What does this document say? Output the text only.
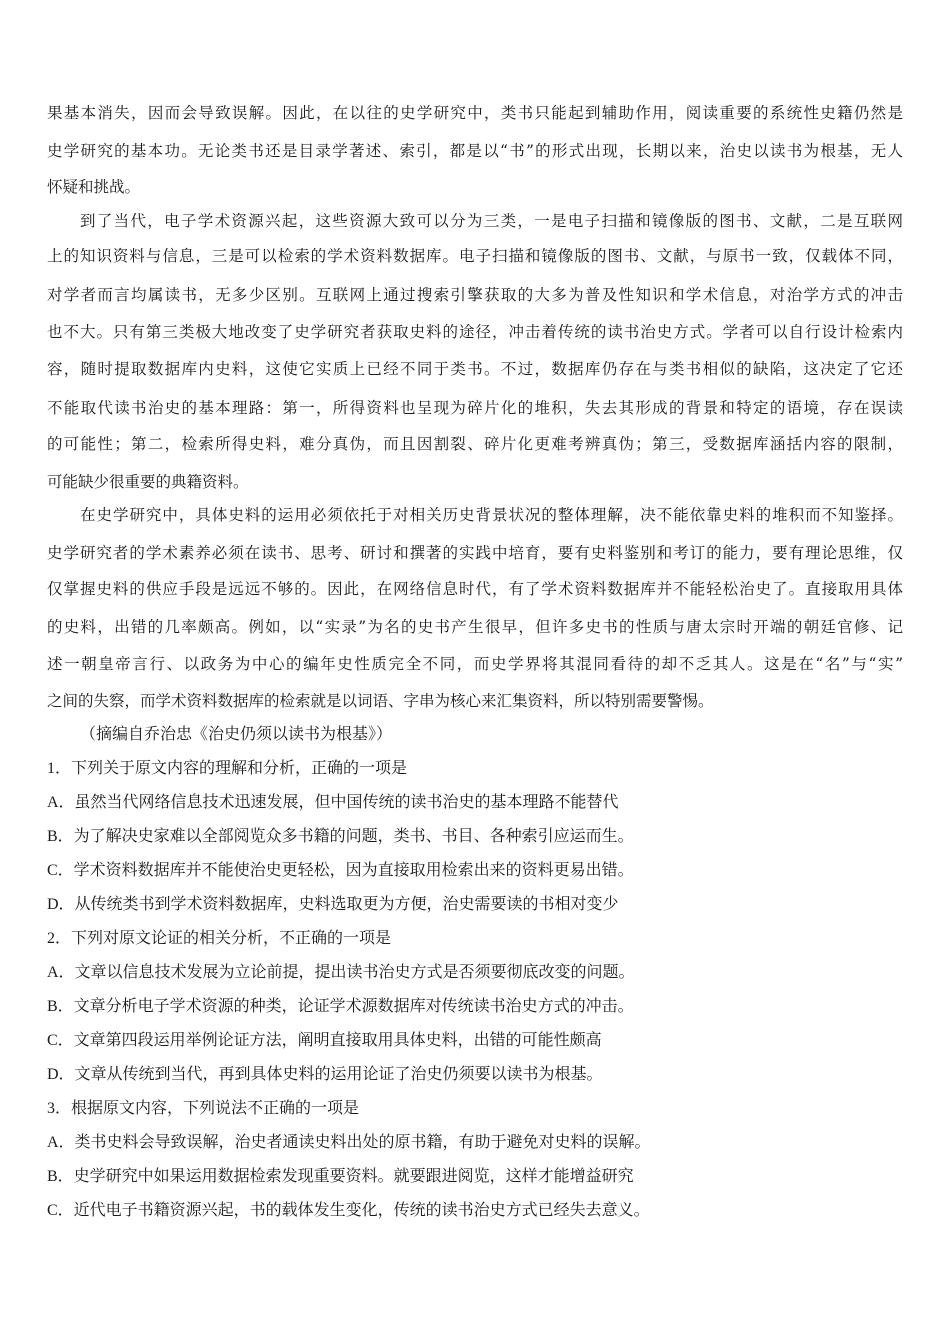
果基本消失，因而会导致误解。因此，在以往的史学研究中，类书只能起到辅助作用，阅读重要的系统性史籍仍然是
史学研究的基本功。无论类书还是目录学著述、索引，都是以“书”的形式出现，长期以来，治史以读书为根基，无人
怀疑和挑战。
到了当代，电子学术资源兴起，这些资源大致可以分为三类，一是电子扫描和镜像版的图书、文献，二是互联网
上的知识资料与信息，三是可以检索的学术资料数据库。电子扫描和镜像版的图书、文献，与原书一致，仅载体不同，
对学者而言均属读书，无多少区别。互联网上通过搜索引擎获取的大多为普及性知识和学术信息，对治学方式的冲击
也不大。只有第三类极大地改变了史学研究者获取史料的途径，冲击着传统的读书治史方式。学者可以自行设计检索内
容，随时提取数据库内史料，这使它实质上已经不同于类书。不过，数据库仍存在与类书相似的缺陷，这决定了它还
不能取代读书治史的基本理路：第一，所得资料也呈现为碎片化的堆积，失去其形成的背景和特定的语境，存在误读
的可能性；第二，检索所得史料，难分真伪，而且因割裂、碎片化更难考辨真伪；第三，受数据库涵括内容的限制，
可能缺少很重要的典籍资料。
在史学研究中，具体史料的运用必须依托于对相关历史背景状况的整体理解，决不能依靠史料的堆积而不知鉴择。
史学研究者的学术素养必须在读书、思考、研讨和撰著的实践中培育，要有史料鉴别和考订的能力，要有理论思维，仅
仅掌握史料的供应手段是远远不够的。因此，在网络信息时代，有了学术资料数据库并不能轻松治史了。直接取用具体
的史料，出错的几率颇高。例如，以“实录”为名的史书产生很早，但许多史书的性质与唐太宗时开端的朝廷官修、记
述一朝皇帝言行、以政务为中心的编年史性质完全不同，而史学界将其混同看待的却不乏其人。这是在“名”与“实”
之间的失察，而学术资料数据库的检索就是以词语、字串为核心来汇集资料，所以特别需要警惕。
（摘编自乔治忠《治史仍须以读书为根基》）
1．下列关于原文内容的理解和分析，正确的一项是
A．虽然当代网络信息技术迅速发展，但中国传统的读书治史的基本理路不能替代
B．为了解决史家难以全部阅览众多书籍的问题，类书、书目、各种索引应运而生。
C．学术资料数据库并不能使治史更轻松，因为直接取用检索出来的资料更易出错。
D．从传统类书到学术资料数据库，史料选取更为方便，治史需要读的书相对变少
2．下列对原文论证的相关分析，不正确的一项是
A．文章以信息技术发展为立论前提，提出读书治史方式是否须要彻底改变的问题。
B．文章分析电子学术资源的种类，论证学术源数据库对传统读书治史方式的冲击。
C．文章第四段运用举例论证方法，阐明直接取用具体史料，出错的可能性颇高
D．文章从传统到当代，再到具体史料的运用论证了治史仍须要以读书为根基。
3．根据原文内容，下列说法不正确的一项是
A．类书史料会导致误解，治史者通读史料出处的原书籍，有助于避免对史料的误解。
B．史学研究中如果运用数据检索发现重要资料。就要跟进阅览，这样才能增益研究
C．近代电子书籍资源兴起，书的载体发生变化，传统的读书治史方式已经失去意义。
